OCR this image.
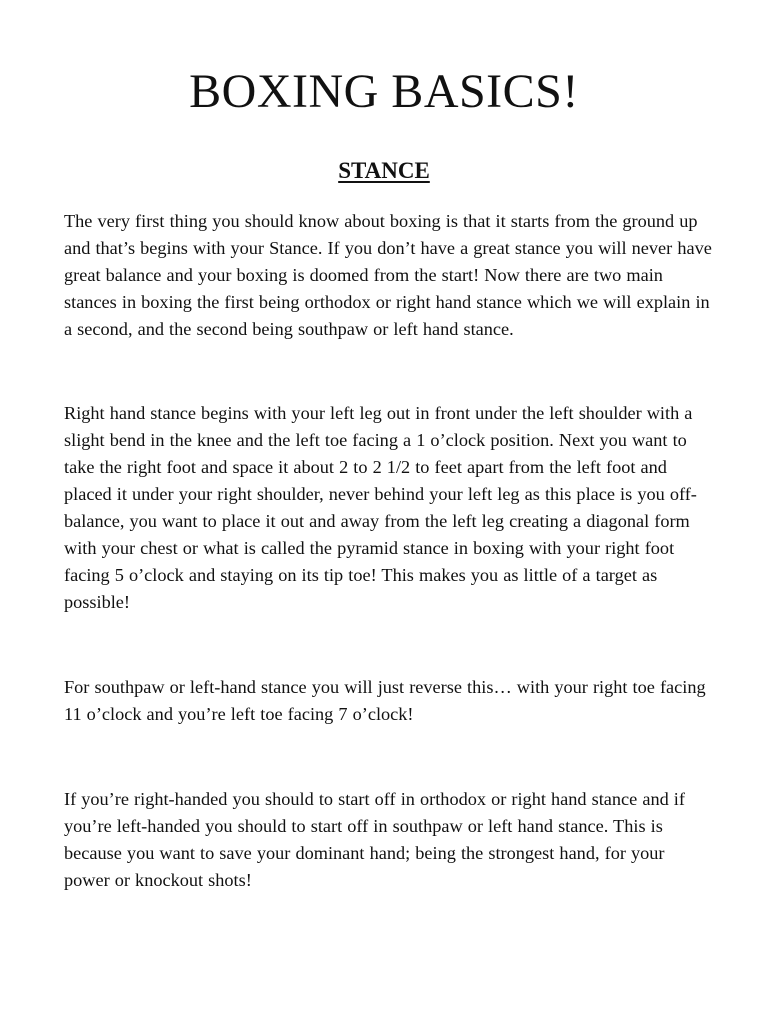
BOXING BASICS!
STANCE

The very first thing you should know about boxing is that it starts from the ground up and that’s begins with your Stance. If you don’t have a great stance you will never have great balance and your boxing is doomed from the start! Now there are two main stances in boxing the first being orthodox or right hand stance which we will explain in a second, and the second being southpaw or left hand stance.

Right hand stance begins with your left leg out in front under the left shoulder with a slight bend in the knee and the left toe facing a 1 o’clock position. Next you want to take the right foot and space it about 2 to 2 1/2 to feet apart from the left foot and placed it under your right shoulder, never behind your left leg as this place is you off-balance, you want to place it out and away from the left leg creating a diagonal form with your chest or what is called the pyramid stance in boxing with your right foot facing 5 o’clock and staying on its tip toe! This makes you as little of a target as possible!

For southpaw or left-hand stance you will just reverse this… with your right toe facing 11 o’clock and you’re left toe facing 7 o’clock!

If you’re right-handed you should to start off in orthodox or right hand stance and if you’re left-handed you should to start off in southpaw or left hand stance. This is because you want to save your dominant hand; being the strongest hand, for your power or knockout shots!
